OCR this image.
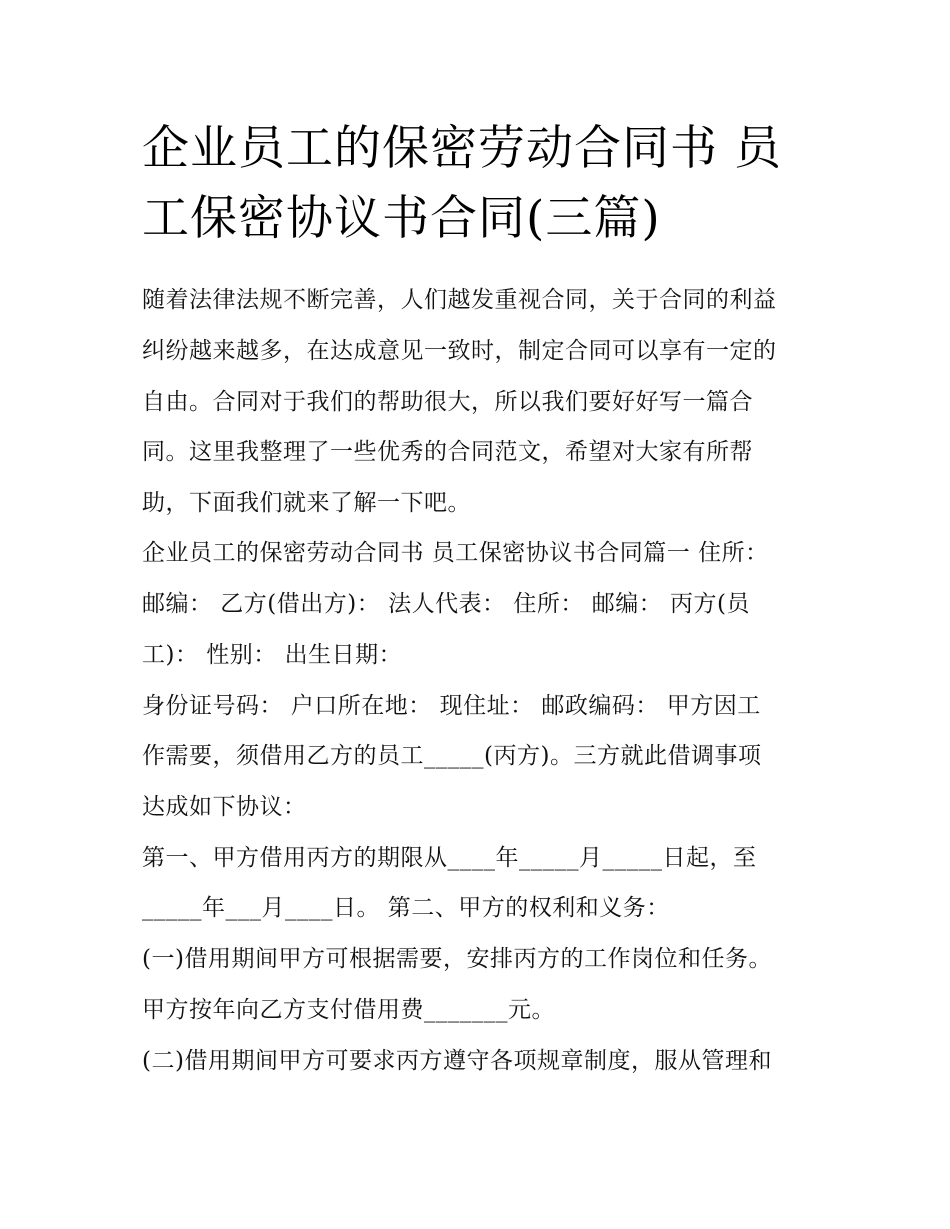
企业员工的保密劳动合同书 员
工保密协议书合同(三篇)

随着法律法规不断完善，人们越发重视合同，关于合同的利益

纠纷越来越多，在达成意见一致时，制定合同可以享有一定的

自由。合同对于我们的帮助很大，所以我们要好好写一篇合

同。这里我整理了一些优秀的合同范文，希望对大家有所帮

助，下面我们就来了解一下吧。

企业员工的保密劳动合同书 员工保密协议书合同篇一 住所：

邮编： 乙方(借出方)： 法人代表： 住所： 邮编： 丙方(员

工)： 性别： 出生日期：

身份证号码： 户口所在地： 现住址： 邮政编码： 甲方因工

作需要，须借用乙方的员工_____(丙方)。三方就此借调事项

达成如下协议：

第一、甲方借用丙方的期限从____年_____月_____日起，至

_____年___月____日。 第二、甲方的权利和义务：

(一)借用期间甲方可根据需要，安排丙方的工作岗位和任务。

甲方按年向乙方支付借用费_______元。

(二)借用期间甲方可要求丙方遵守各项规章制度，服从管理和
